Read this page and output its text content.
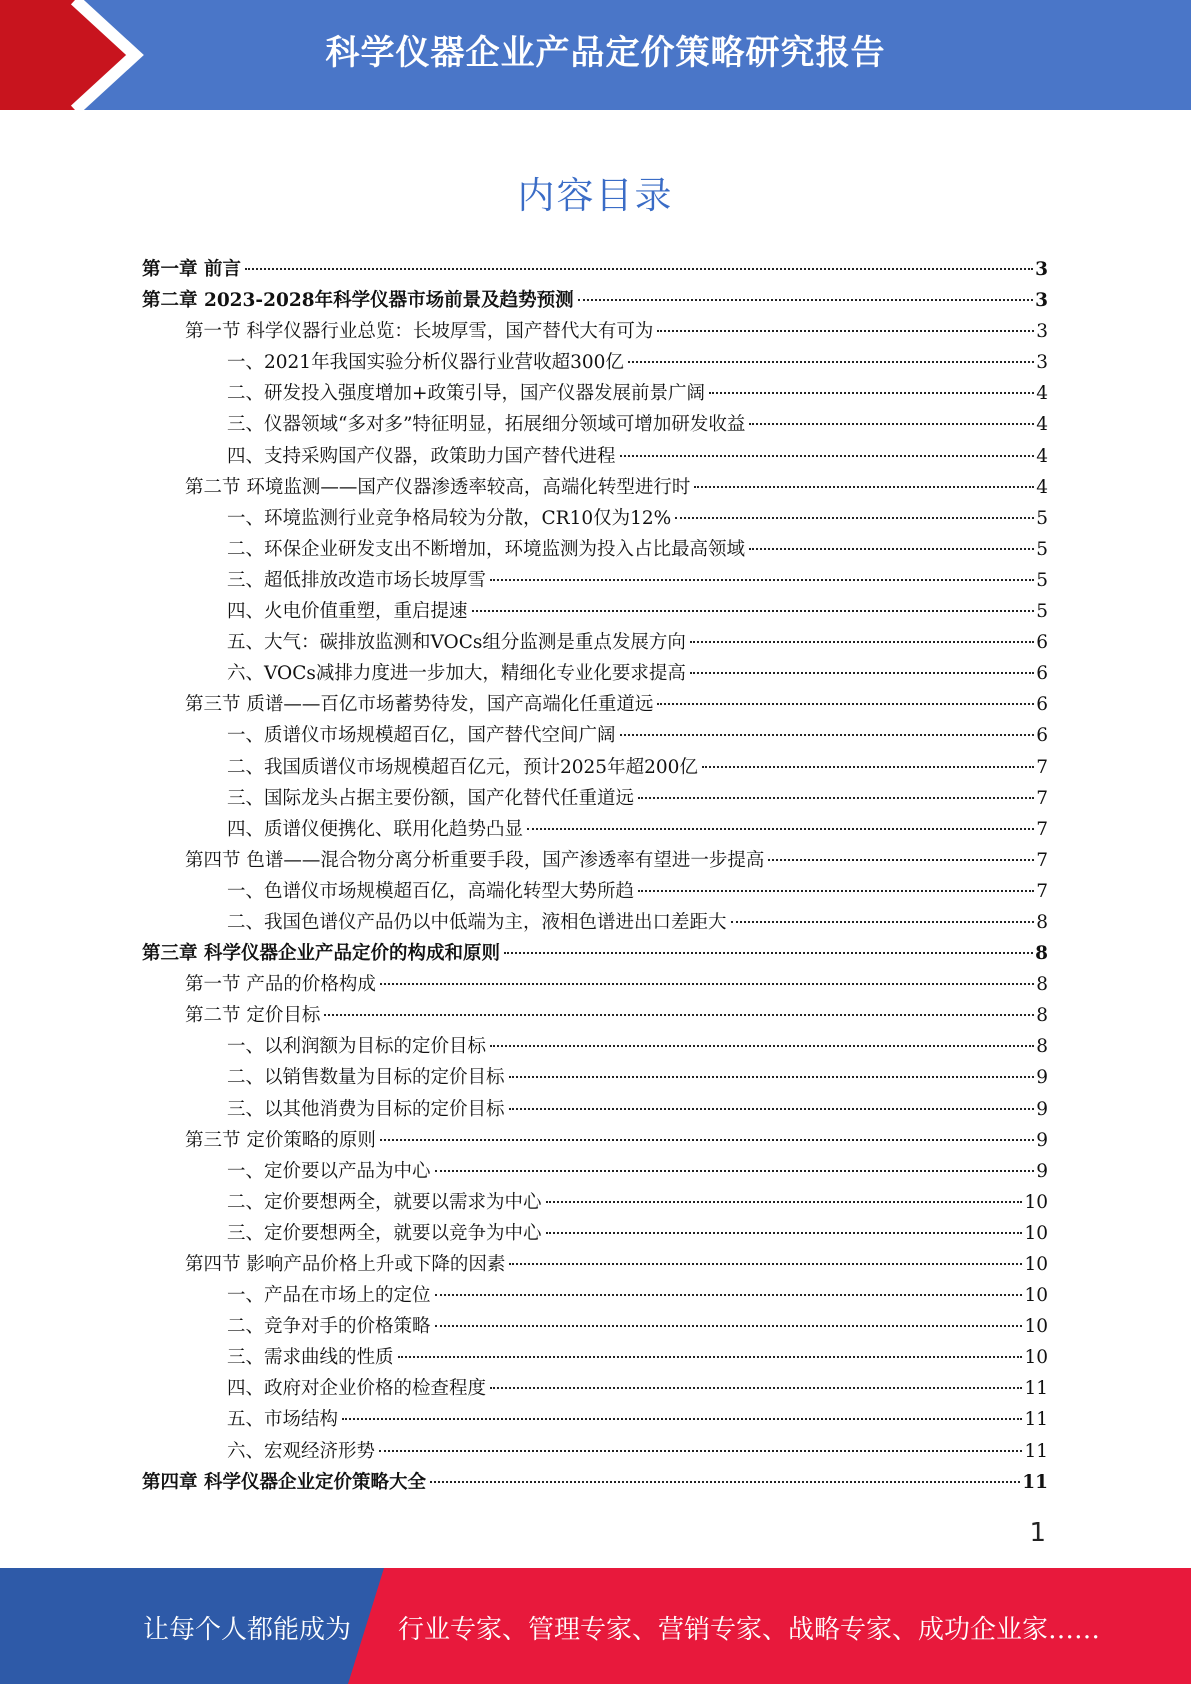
科学仪器企业产品定价策略研究报告
内容目录
第一章 前言	3
第二章 2023-2028年科学仪器市场前景及趋势预测	3
第一节 科学仪器行业总览：长坡厚雪，国产替代大有可为	3
一、2021年我国实验分析仪器行业营收超300亿	3
二、研发投入强度增加+政策引导，国产仪器发展前景广阔	4
三、仪器领域“多对多”特征明显，拓展细分领域可增加研发收益	4
四、支持采购国产仪器，政策助力国产替代进程	4
第二节 环境监测——国产仪器渗透率较高，高端化转型进行时	4
一、环境监测行业竞争格局较为分散，CR10仅为12%	5
二、环保企业研发支出不断增加，环境监测为投入占比最高领域	5
三、超低排放改造市场长坡厚雪	5
四、火电价值重塑，重启提速	5
五、大气：碳排放监测和VOCs组分监测是重点发展方向	6
六、VOCs减排力度进一步加大，精细化专业化要求提高	6
第三节 质谱——百亿市场蓄势待发，国产高端化任重道远	6
一、质谱仪市场规模超百亿，国产替代空间广阔	6
二、我国质谱仪市场规模超百亿元，预计2025年超200亿	7
三、国际龙头占据主要份额，国产化替代任重道远	7
四、质谱仪便携化、联用化趋势凸显	7
第四节 色谱——混合物分离分析重要手段，国产渗透率有望进一步提高	7
一、色谱仪市场规模超百亿，高端化转型大势所趋	7
二、我国色谱仪产品仍以中低端为主，液相色谱进出口差距大	8
第三章 科学仪器企业产品定价的构成和原则	8
第一节 产品的价格构成	8
第二节 定价目标	8
一、以利润额为目标的定价目标	8
二、以销售数量为目标的定价目标	9
三、以其他消费为目标的定价目标	9
第三节 定价策略的原则	9
一、定价要以产品为中心	9
二、定价要想两全，就要以需求为中心	10
三、定价要想两全，就要以竞争为中心	10
第四节 影响产品价格上升或下降的因素	10
一、产品在市场上的定位	10
二、竞争对手的价格策略	10
三、需求曲线的性质	10
四、政府对企业价格的检查程度	11
五、市场结构	11
六、宏观经济形势	11
第四章 科学仪器企业定价策略大全	11
1
让每个人都能成为 行业专家、管理专家、营销专家、战略专家、成功企业家……
